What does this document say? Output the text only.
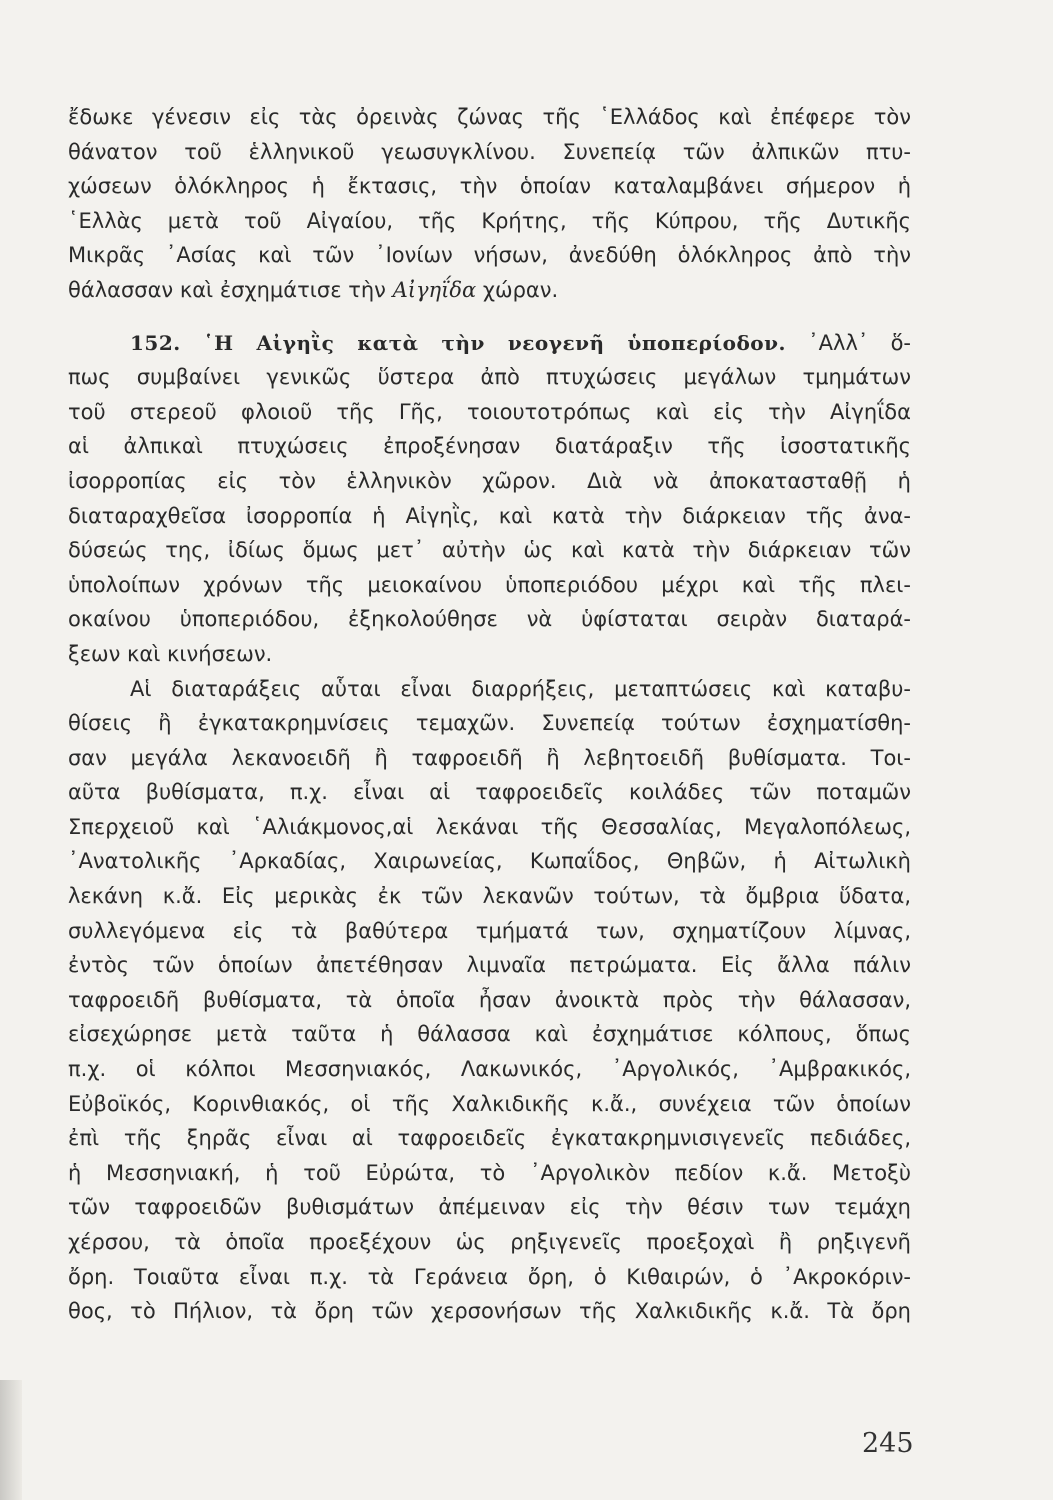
ἔδωκε γένεσιν εἰς τὰς ὀρεινὰς ζώνας τῆς ῾Ελλάδος καὶ ἐπέφερε τὸν
θάνατον τοῦ ἑλληνικοῦ γεωσυγκλίνου. Συνεπείᾳ τῶν ἀλπικῶν πτυ-
χώσεων ὁλόκληρος ἡ ἔκτασις, τὴν ὁποίαν καταλαμβάνει σήμερον ἡ
῾Ελλὰς μετὰ τοῦ Αἰγαίου, τῆς Κρήτης, τῆς Κύπρου, τῆς Δυτικῆς
Μικρᾶς ᾿Ασίας καὶ τῶν ᾿Ιονίων νήσων, ἀνεδύθη ὁλόκληρος ἀπὸ τὴν
θάλασσαν καὶ ἐσχημάτισε τὴν Αἰγηΐδα χώραν.
152. ῾Η Αἰγηῒς κατὰ τὴν νεογενῆ ὑποπερίοδον. ᾿Αλλ᾿ ὅ-
πως συμβαίνει γενικῶς ὕστερα ἀπὸ πτυχώσεις μεγάλων τμημάτων
τοῦ στερεοῦ φλοιοῦ τῆς Γῆς, τοιουτοτρόπως καὶ εἰς τὴν Αἰγηΐδα
αἱ ἀλπικαὶ πτυχώσεις ἐπροξένησαν διατάραξιν τῆς ἰσοστατικῆς
ἰσορροπίας εἰς τὸν ἑλληνικὸν χῶρον. Διὰ νὰ ἀποκατασταθῇ ἡ
διαταραχθεῖσα ἰσορροπία ἡ Αἰγηῒς, καὶ κατὰ τὴν διάρκειαν τῆς ἀνα-
δύσεώς της, ἰδίως ὅμως μετ᾿ αὐτὴν ὡς καὶ κατὰ τὴν διάρκειαν τῶν
ὑπολοίπων χρόνων τῆς μειοκαίνου ὑποπεριόδου μέχρι καὶ τῆς πλει-
οκαίνου ὑποπεριόδου, ἐξηκολούθησε νὰ ὑφίσταται σειρὰν διαταρά-
ξεων καὶ κινήσεων.
Αἱ διαταράξεις αὗται εἶναι διαρρήξεις, μεταπτώσεις καὶ καταβυ-
θίσεις ἢ ἐγκατακρημνίσεις τεμαχῶν. Συνεπείᾳ τούτων ἐσχηματίσθη-
σαν μεγάλα λεκανοειδῆ ἢ ταφροειδῆ ἢ λεβητοειδῆ βυθίσματα. Τοι-
αῦτα βυθίσματα, π.χ. εἶναι αἱ ταφροειδεῖς κοιλάδες τῶν ποταμῶν
Σπερχειοῦ καὶ ῾Αλιάκμονος,αἱ λεκάναι τῆς Θεσσαλίας, Μεγαλοπόλεως,
᾿Ανατολικῆς ᾿Αρκαδίας, Χαιρωνείας, Κωπαΐδος, Θηβῶν, ἡ Αἰτωλικὴ
λεκάνη κ.ἄ. Εἰς μερικὰς ἐκ τῶν λεκανῶν τούτων, τὰ ὄμβρια ὕδατα,
συλλεγόμενα εἰς τὰ βαθύτερα τμήματά των, σχηματίζουν λίμνας,
ἐντὸς τῶν ὁποίων ἀπετέθησαν λιμναῖα πετρώματα. Εἰς ἄλλα πάλιν
ταφροειδῆ βυθίσματα, τὰ ὁποῖα ἦσαν ἀνοικτὰ πρὸς τὴν θάλασσαν,
εἰσεχώρησε μετὰ ταῦτα ἡ θάλασσα καὶ ἐσχημάτισε κόλπους, ὅπως
π.χ. οἱ κόλποι Μεσσηνιακός, Λακωνικός, ᾿Αργολικός, ᾿Αμβρακικός,
Εὐβοϊκός, Κορινθιακός, οἱ τῆς Χαλκιδικῆς κ.ἄ., συνέχεια τῶν ὁποίων
ἐπὶ τῆς ξηρᾶς εἶναι αἱ ταφροειδεῖς ἐγκατακρημνισιγενεῖς πεδιάδες,
ἡ Μεσσηνιακή, ἡ τοῦ Εὐρώτα, τὸ ᾿Αργολικὸν πεδίον κ.ἄ. Μετοξὺ
τῶν ταφροειδῶν βυθισμάτων ἀπέμειναν εἰς τὴν θέσιν των τεμάχη
χέρσου, τὰ ὁποῖα προεξέχουν ὡς ρηξιγενεῖς προεξοχαὶ ἢ ρηξιγενῆ
ὄρη. Τοιαῦτα εἶναι π.χ. τὰ Γεράνεια ὄρη, ὁ Κιθαιρών, ὁ ᾿Ακροκόριν-
θος, τὸ Πήλιον, τὰ ὄρη τῶν χερσονήσων τῆς Χαλκιδικῆς κ.ἄ. Τὰ ὄρη
245
